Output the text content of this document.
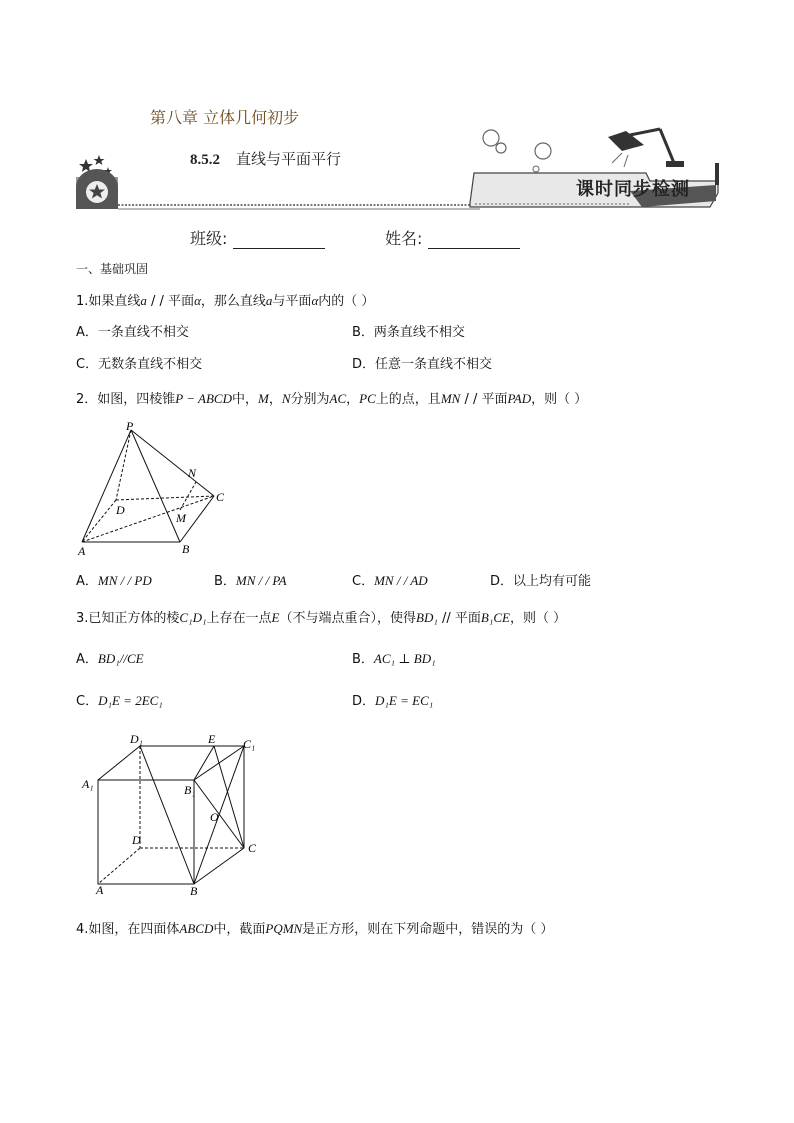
第八章 立体几何初步
8.5.2 直线与平面平行
课时同步检测
班级:	姓名:
一、基础巩固
1.如果直线a / / 平面α，那么直线a与平面α内的（ ）
A．一条直线不相交	B．两条直线不相交
C．无数条直线不相交	D．任意一条直线不相交
2．如图，四棱锥P − ABCD中，M，N分别为AC，PC上的点，且MN / / 平面PAD，则（ ）
P
N
C
D
M
A	B
A．MN / / PD	B．MN / / PA	C．MN / / AD	D．以上均有可能
3.已知正方体的棱C₁D₁上存在一点E（不与端点重合），使得BD₁ // 平面B₁CE，则（ ）
A．BD₁//CE	B．AC₁ ⊥ BD₁
C．D₁E = 2EC₁	D．D₁E = EC₁
D₁	E C₁
A₁	B₁
O
D
C
A	B
4.如图，在四面体ABCD中，截面PQMN是正方形，则在下列命题中，错误的为（ ）
